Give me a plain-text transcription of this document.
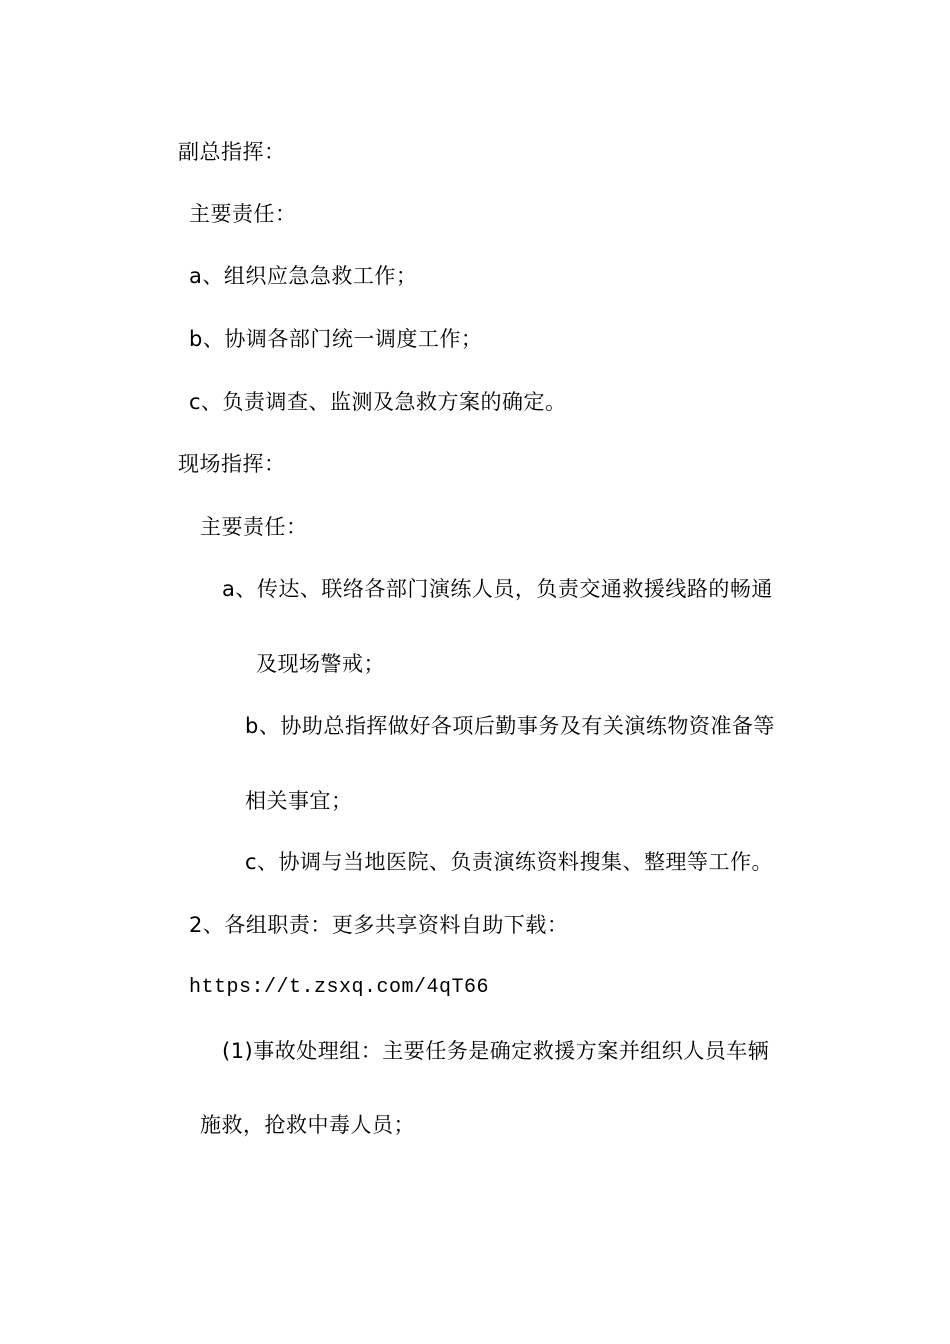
副总指挥：
主要责任：
a、组织应急急救工作；
b、协调各部门统一调度工作；
c、负责调查、监测及急救方案的确定。
现场指挥：
主要责任：
a、传达、联络各部门演练人员，负责交通救援线路的畅通
及现场警戒；
b、协助总指挥做好各项后勤事务及有关演练物资准备等
相关事宜；
c、协调与当地医院、负责演练资料搜集、整理等工作。
2、各组职责：更多共享资料自助下载：
https://t.zsxq.com/4qT66
(1)事故处理组：主要任务是确定救援方案并组织人员车辆
施救，抢救中毒人员；
